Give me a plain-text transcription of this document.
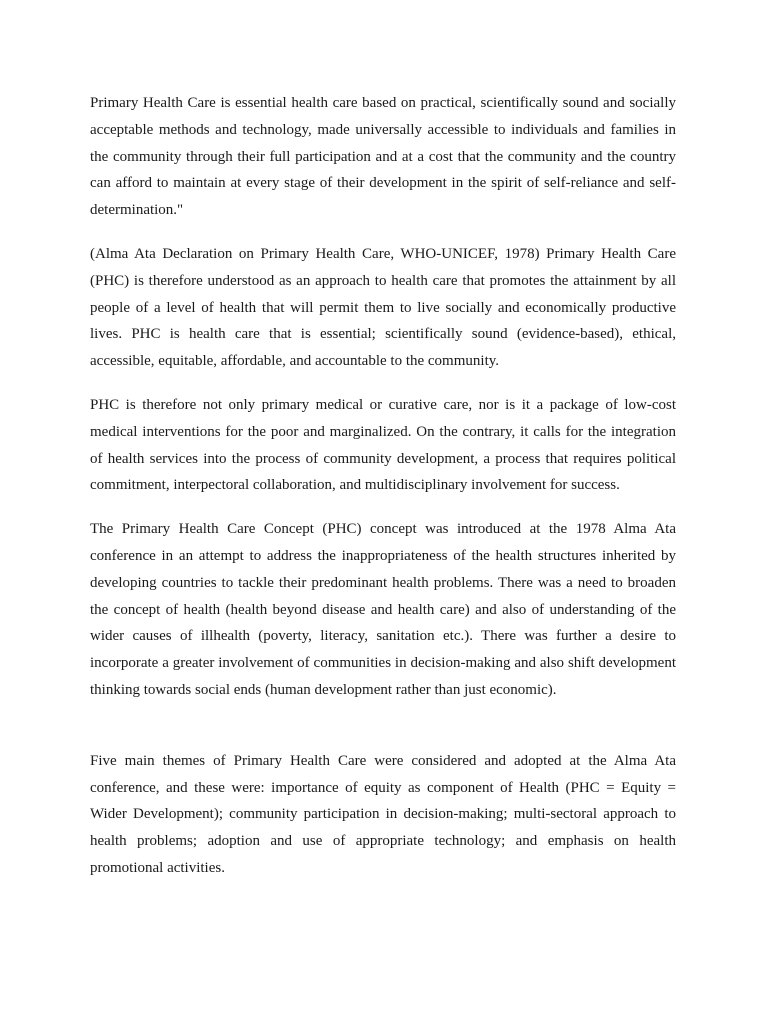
Primary Health Care is essential health care based on practical, scientifically sound and socially acceptable methods and technology, made universally accessible to individuals and families in the community through their full participation and at a cost that the community and the country can afford to maintain at every stage of their development in the spirit of self-reliance and self-determination."

(Alma Ata Declaration on Primary Health Care, WHO-UNICEF, 1978) Primary Health Care (PHC) is therefore understood as an approach to health care that promotes the attainment by all people of a level of health that will permit them to live socially and economically productive lives. PHC is health care that is essential; scientifically sound (evidence-based), ethical, accessible, equitable, affordable, and accountable to the community.

PHC is therefore not only primary medical or curative care, nor is it a package of low-cost medical interventions for the poor and marginalized. On the contrary, it calls for the integration of health services into the process of community development, a process that requires political commitment, interpectoral collaboration, and multidisciplinary involvement for success.

The Primary Health Care Concept (PHC) concept was introduced at the 1978 Alma Ata conference in an attempt to address the inappropriateness of the health structures inherited by developing countries to tackle their predominant health problems. There was a need to broaden the concept of health (health beyond disease and health care) and also of understanding of the wider causes of illhealth (poverty, literacy, sanitation etc.). There was further a desire to incorporate a greater involvement of communities in decision-making and also shift development thinking towards social ends (human development rather than just economic).

Five main themes of Primary Health Care were considered and adopted at the Alma Ata conference, and these were: importance of equity as component of Health (PHC = Equity = Wider Development); community participation in decision-making; multi-sectoral approach to health problems; adoption and use of appropriate technology; and emphasis on health promotional activities.
